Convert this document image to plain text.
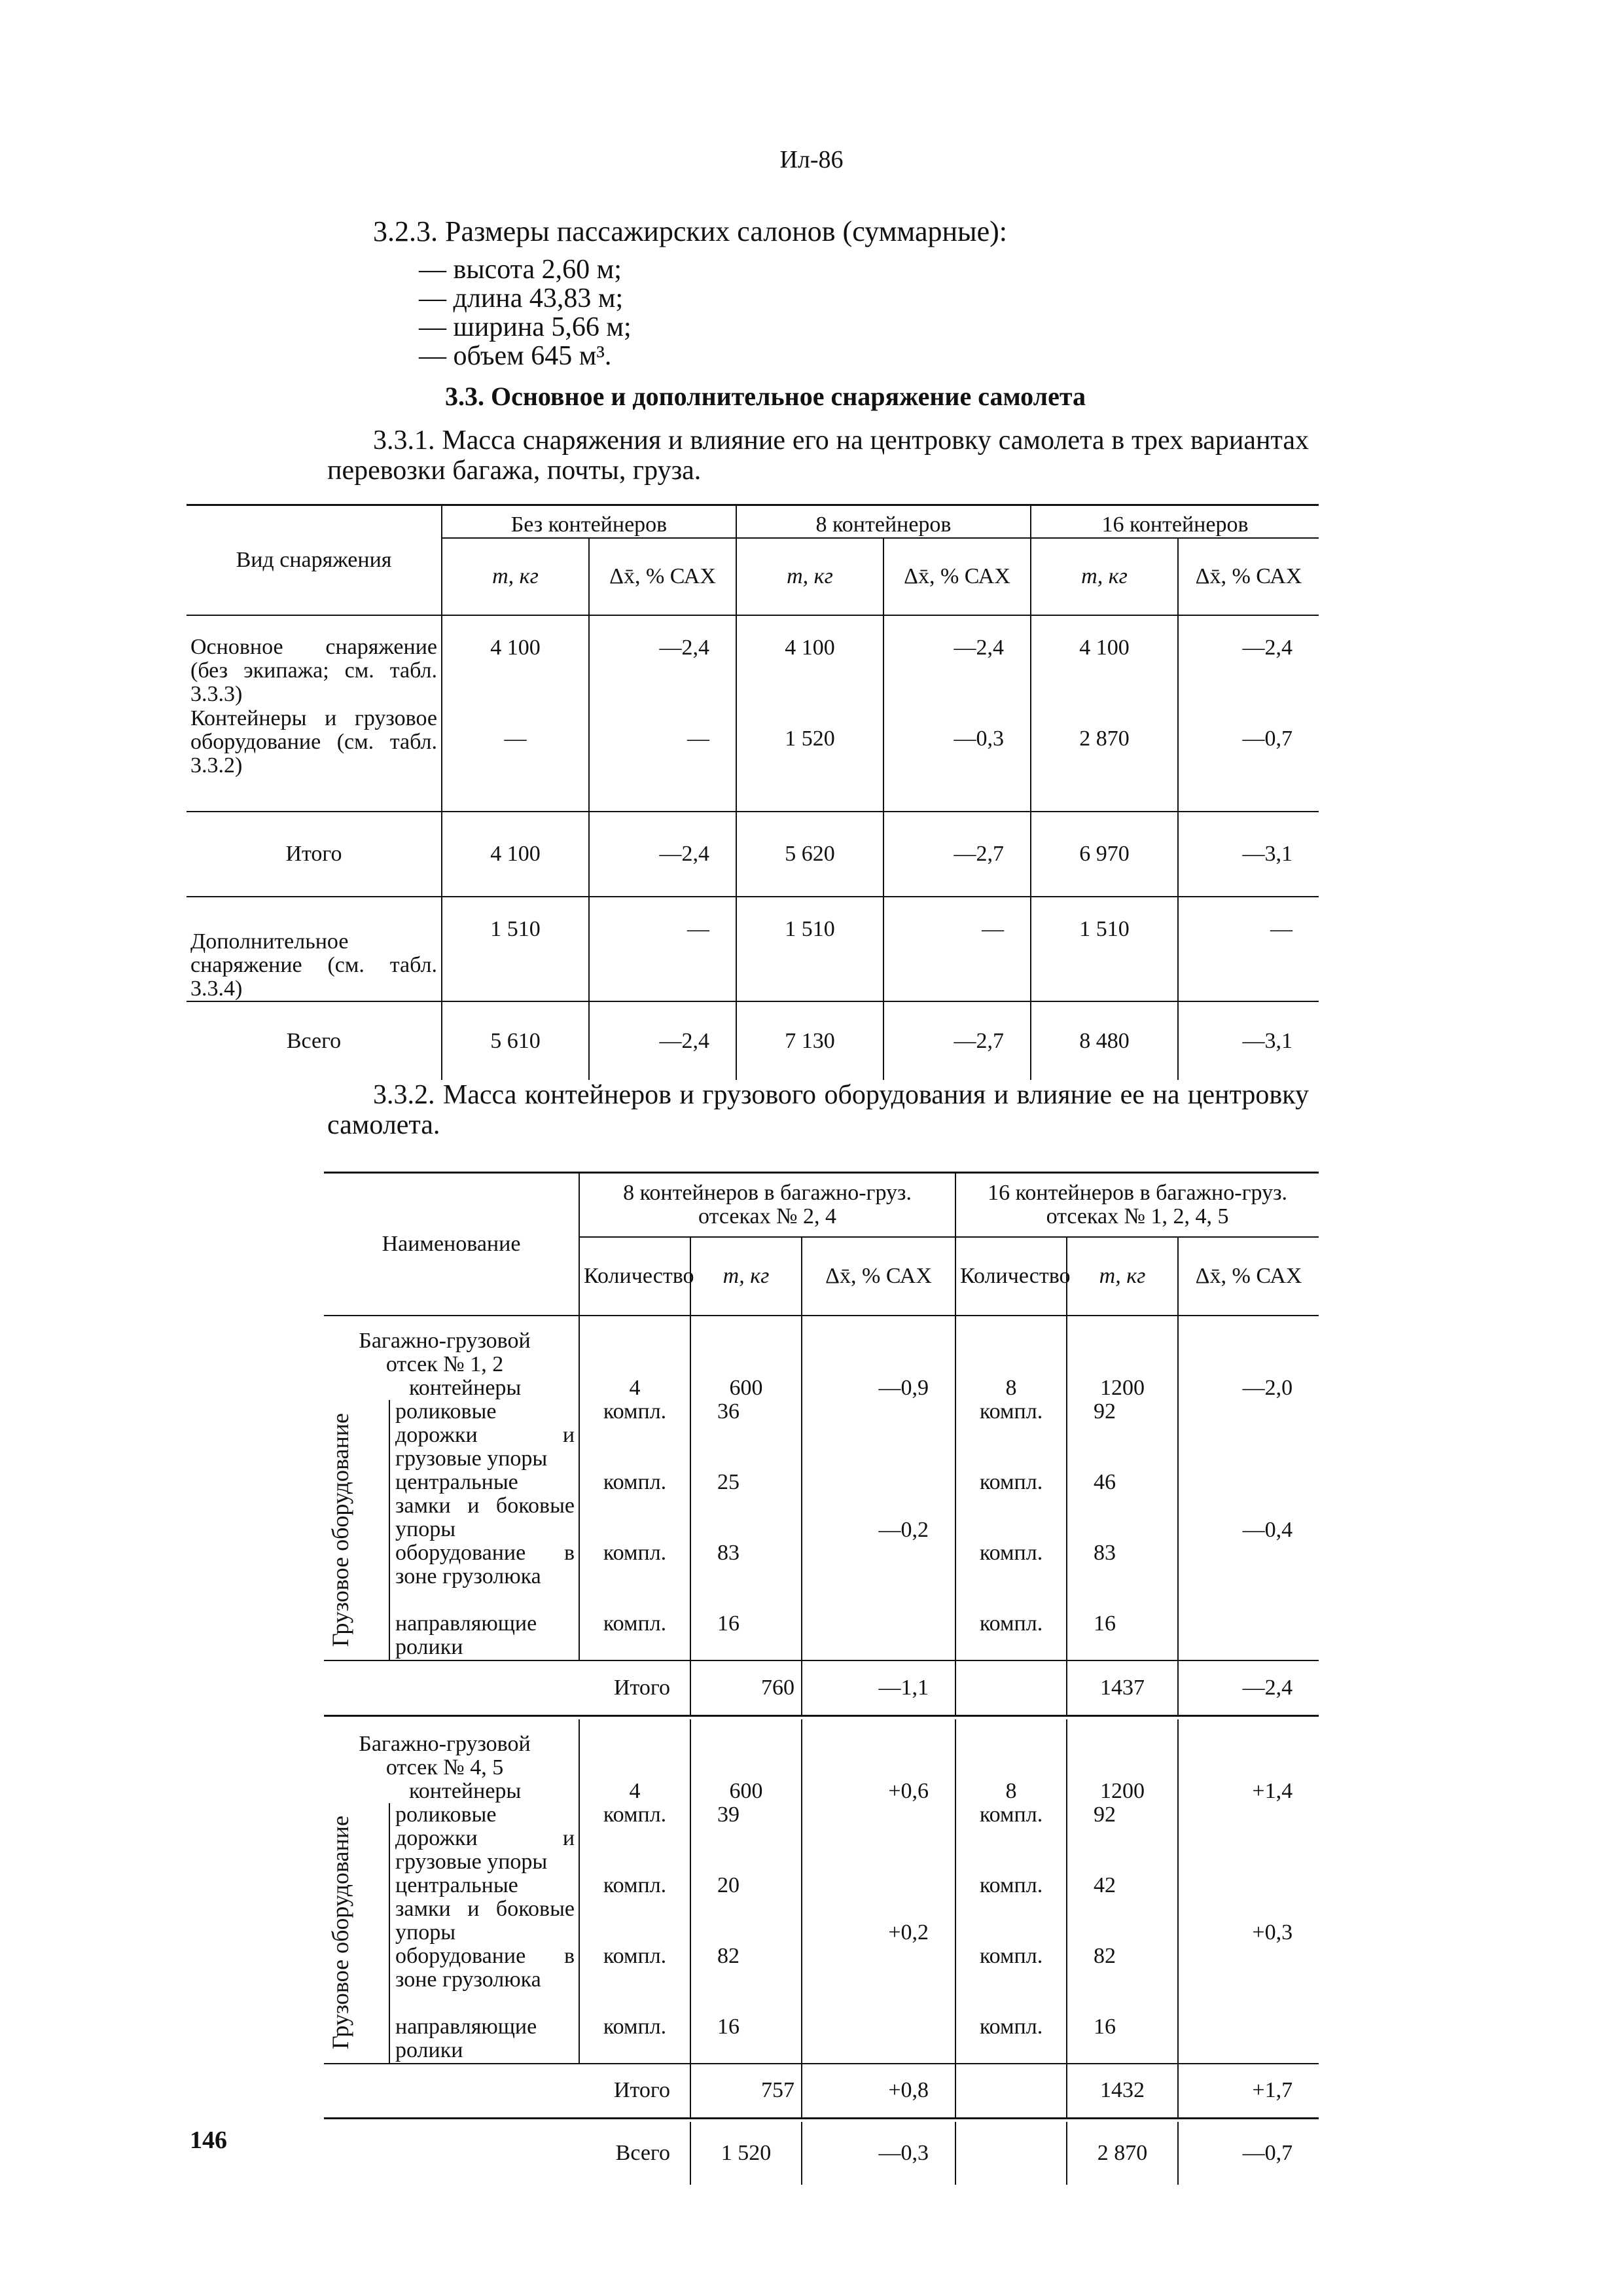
Ил-86
3.2.3. Размеры пассажирских салонов (суммарные):
— высота 2,60 м;
— длина 43,83 м;
— ширина 5,66 м;
— объем 645 м³.
3.3. Основное и дополнительное снаряжение самолета
3.3.1. Масса снаряжения и влияние его на центровку самолета в трех вариантах перевозки багажа, почты, груза.
Вид снаряжения	Без контейнеров		8 контейнеров		16 контейнеров	
	m, кг	Δx̄, % САХ	m, кг	Δx̄, % САХ	m, кг	Δx̄, % САХ
Основное снаряжение (без экипажа; см. табл. 3.3.3)	4 100	—2,4	4 100	—2,4	4 100	—2,4
Контейнеры и грузовое оборудование (см. табл. 3.3.2)	—	—	1 520	—0,3	2 870	—0,7
Итого	4 100	—2,4	5 620	—2,7	6 970	—3,1
Дополнительное снаряжение (см. табл. 3.3.4)	1 510	—	1 510	—	1 510	—
Всего	5 610	—2,4	7 130	—2,7	8 480	—3,1
3.3.2. Масса контейнеров и грузового оборудования и влияние ее на центровку самолета.
Наименование		8 контейнеров в багажно-груз. отсеках № 2, 4			16 контейнеров в багажно-груз. отсеках № 1, 2, 4, 5		
		Количество	m, кг	Δx̄, % САХ	Количество	m, кг	Δx̄, % САХ
Багажно-грузовой отсек № 1, 2							
контейнеры		4	600	—0,9	8	1200	—2,0

Грузовое оборудование	роликовые дорожки и грузовые упоры	компл.	36	—0,2	компл.	92	—0,4
	центральные замки и боковые упоры	компл.	25		компл.	46	
	оборудование в зоне грузолюка	компл.	83		компл.	83	
	направляющие ролики	компл.	16		компл.	16	
Итого			760	—1,1		1437	—2,4

Багажно-грузовой отсек № 4, 5							
контейнеры		4	600	+0,6	8	1200	+1,4

Грузовое оборудование	роликовые дорожки и грузовые упоры	компл.	39	+0,2	компл.	92	+0,3
	центральные замки и боковые упоры	компл.	20		компл.	42	
	оборудование в зоне грузолюка	компл.	82		компл.	82	
	направляющие ролики	компл.	16		компл.	16	
Итого			757	+0,8		1432	+1,7

Всего			1 520	—0,3		2 870	—0,7
146
